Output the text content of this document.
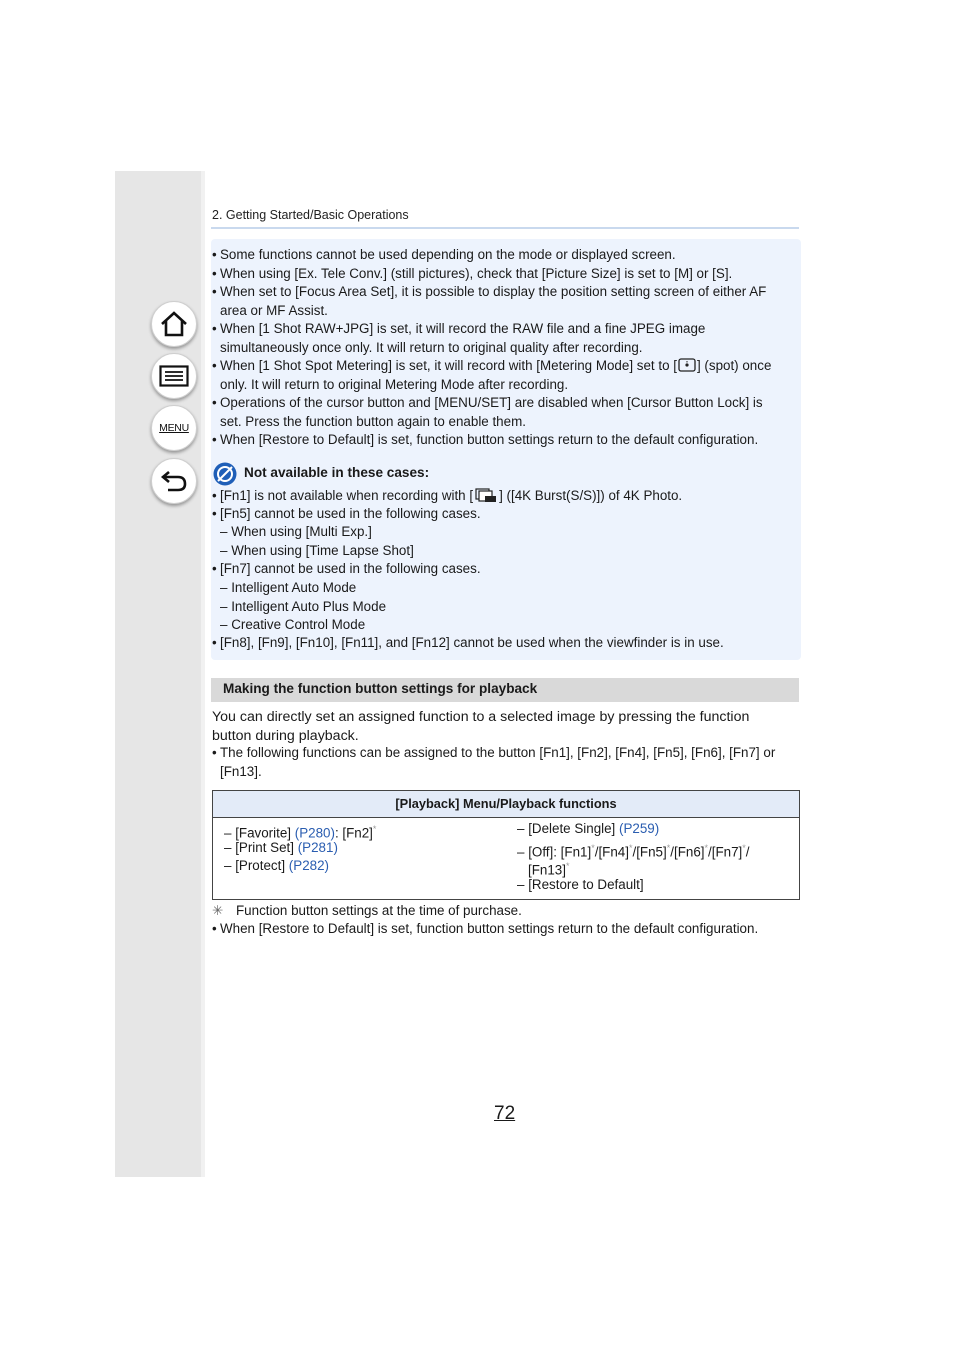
MENU
2. Getting Started/Basic Operations
• Some functions cannot be used depending on the mode or displayed screen.
• When using [Ex. Tele Conv.] (still pictures), check that [Picture Size] is set to [M] or [S].
• When set to [Focus Area Set], it is possible to display the position setting screen of either AF
area or MF Assist.
• When [1 Shot RAW+JPG] is set, it will record the RAW file and a fine JPEG image
simultaneously once only. It will return to original quality after recording.
• When [1 Shot Spot Metering] is set, it will record with [Metering Mode] set to [ ] (spot) once
only. It will return to original Metering Mode after recording.
• Operations of the cursor button and [MENU/SET] are disabled when [Cursor Button Lock] is
set. Press the function button again to enable them.
• When [Restore to Default] is set, function button settings return to the default configuration.
Not available in these cases:
• [Fn1] is not available when recording with [ ] ([4K Burst(S/S)]) of 4K Photo.
• [Fn5] cannot be used in the following cases.
– When using [Multi Exp.]
– When using [Time Lapse Shot]
• [Fn7] cannot be used in the following cases.
– Intelligent Auto Mode
– Intelligent Auto Plus Mode
– Creative Control Mode
• [Fn8], [Fn9], [Fn10], [Fn11], and [Fn12] cannot be used when the viewfinder is in use.
Making the function button settings for playback
You can directly set an assigned function to a selected image by pressing the function
button during playback.
• The following functions can be assigned to the button [Fn1], [Fn2], [Fn4], [Fn5], [Fn6], [Fn7] or
[Fn13].
[Playback] Menu/Playback functions
– [Favorite] (P280): [Fn2]*
– [Print Set] (P281)
– [Protect] (P282)
– [Delete Single] (P259)
– [Off]: [Fn1]*/[Fn4]*/[Fn5]*/[Fn6]*/[Fn7]*/
[Fn13]*
– [Restore to Default]
✳ Function button settings at the time of purchase.
• When [Restore to Default] is set, function button settings return to the default configuration.
72
